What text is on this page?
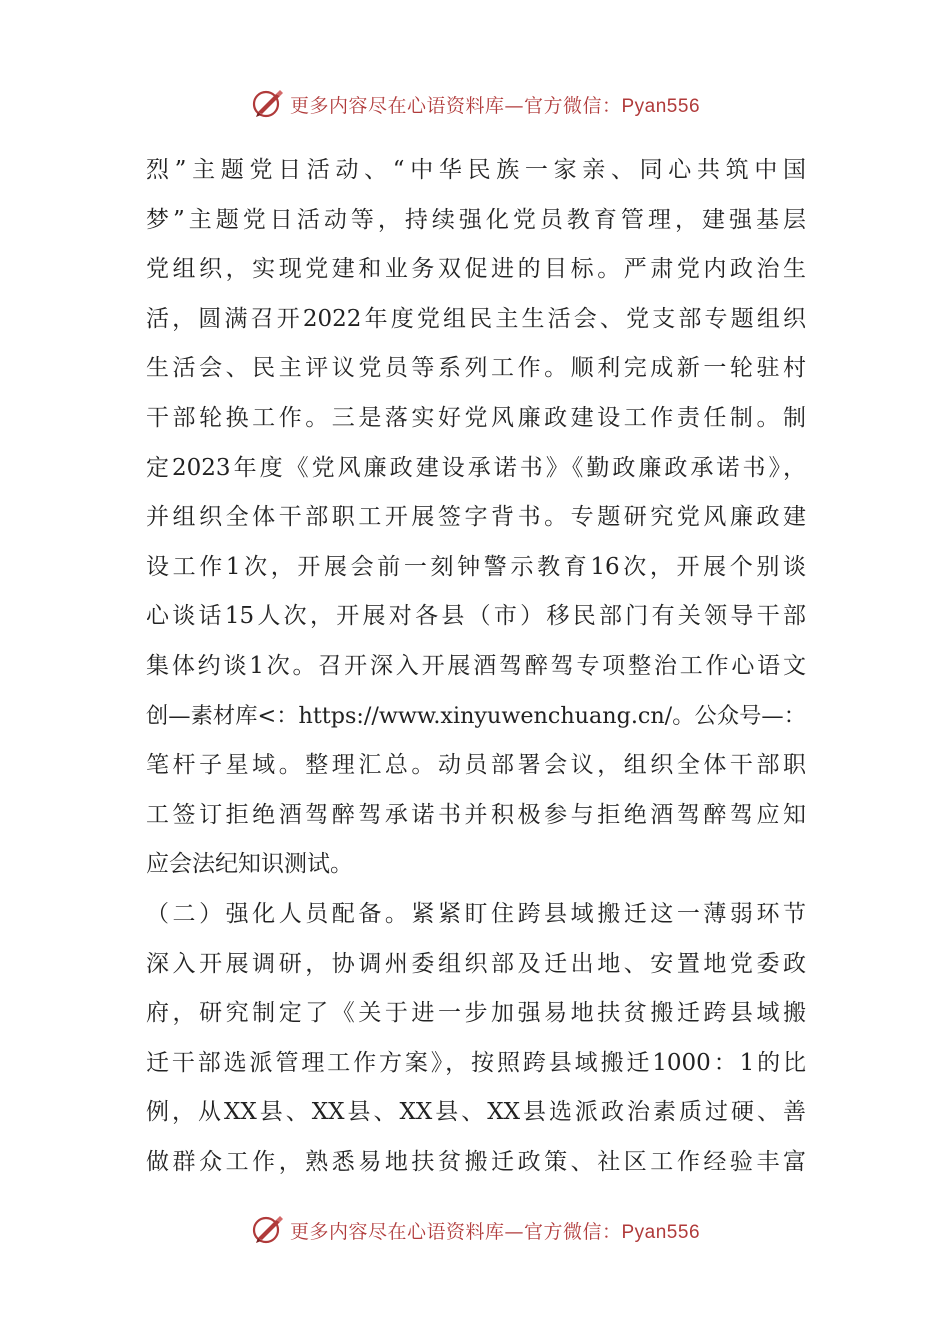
更多内容尽在心语资料库—官方微信：Pyan556
烈”主题党日活动、“中华民族一家亲、同心共筑中国
梦”主题党日活动等，持续强化党员教育管理，建强基层
党组织，实现党建和业务双促进的目标。严肃党内政治生
活，圆满召开2022年度党组民主生活会、党支部专题组织
生活会、民主评议党员等系列工作。顺利完成新一轮驻村
干部轮换工作。三是落实好党风廉政建设工作责任制。制
定2023年度《党风廉政建设承诺书》《勤政廉政承诺书》，
并组织全体干部职工开展签字背书。专题研究党风廉政建
设工作1次，开展会前一刻钟警示教育16次，开展个别谈
心谈话15人次，开展对各县（市）移民部门有关领导干部
集体约谈1次。召开深入开展酒驾醉驾专项整治工作心语文
创—素材库<：https://www.xinyuwenchuang.cn/。公众号—：
笔杆子星域。整理汇总。动员部署会议，组织全体干部职
工签订拒绝酒驾醉驾承诺书并积极参与拒绝酒驾醉驾应知
应会法纪知识测试。
（二）强化人员配备。紧紧盯住跨县域搬迁这一薄弱环节
深入开展调研，协调州委组织部及迁出地、安置地党委政
府，研究制定了《关于进一步加强易地扶贫搬迁跨县域搬
迁干部选派管理工作方案》，按照跨县域搬迁1000：1的比
例，从XX县、XX县、XX县、XX县选派政治素质过硬、善
做群众工作，熟悉易地扶贫搬迁政策、社区工作经验丰富
更多内容尽在心语资料库—官方微信：Pyan556
